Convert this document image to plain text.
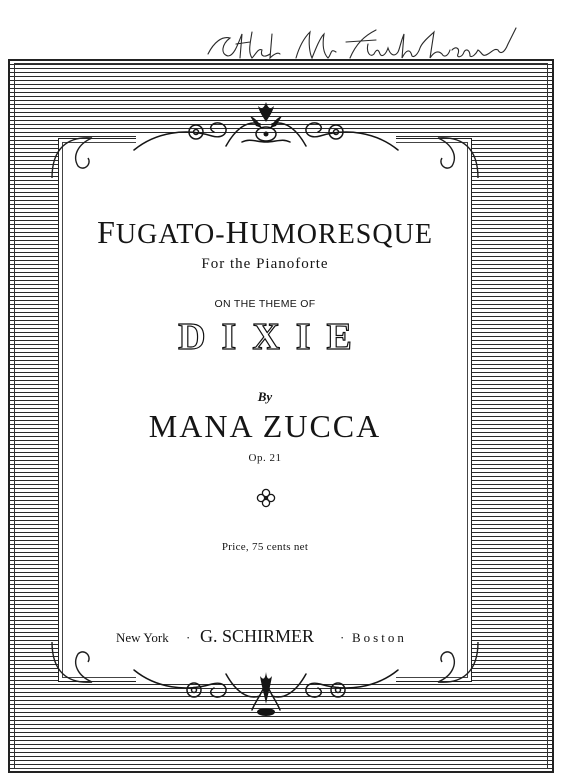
FUGATO-HUMORESQUE
For the Pianoforte
ON THE THEME OF
DIXIE
By
MANA ZUCCA
Op. 21
Price, 75 cents net
New York · G. SCHIRMER · Boston
